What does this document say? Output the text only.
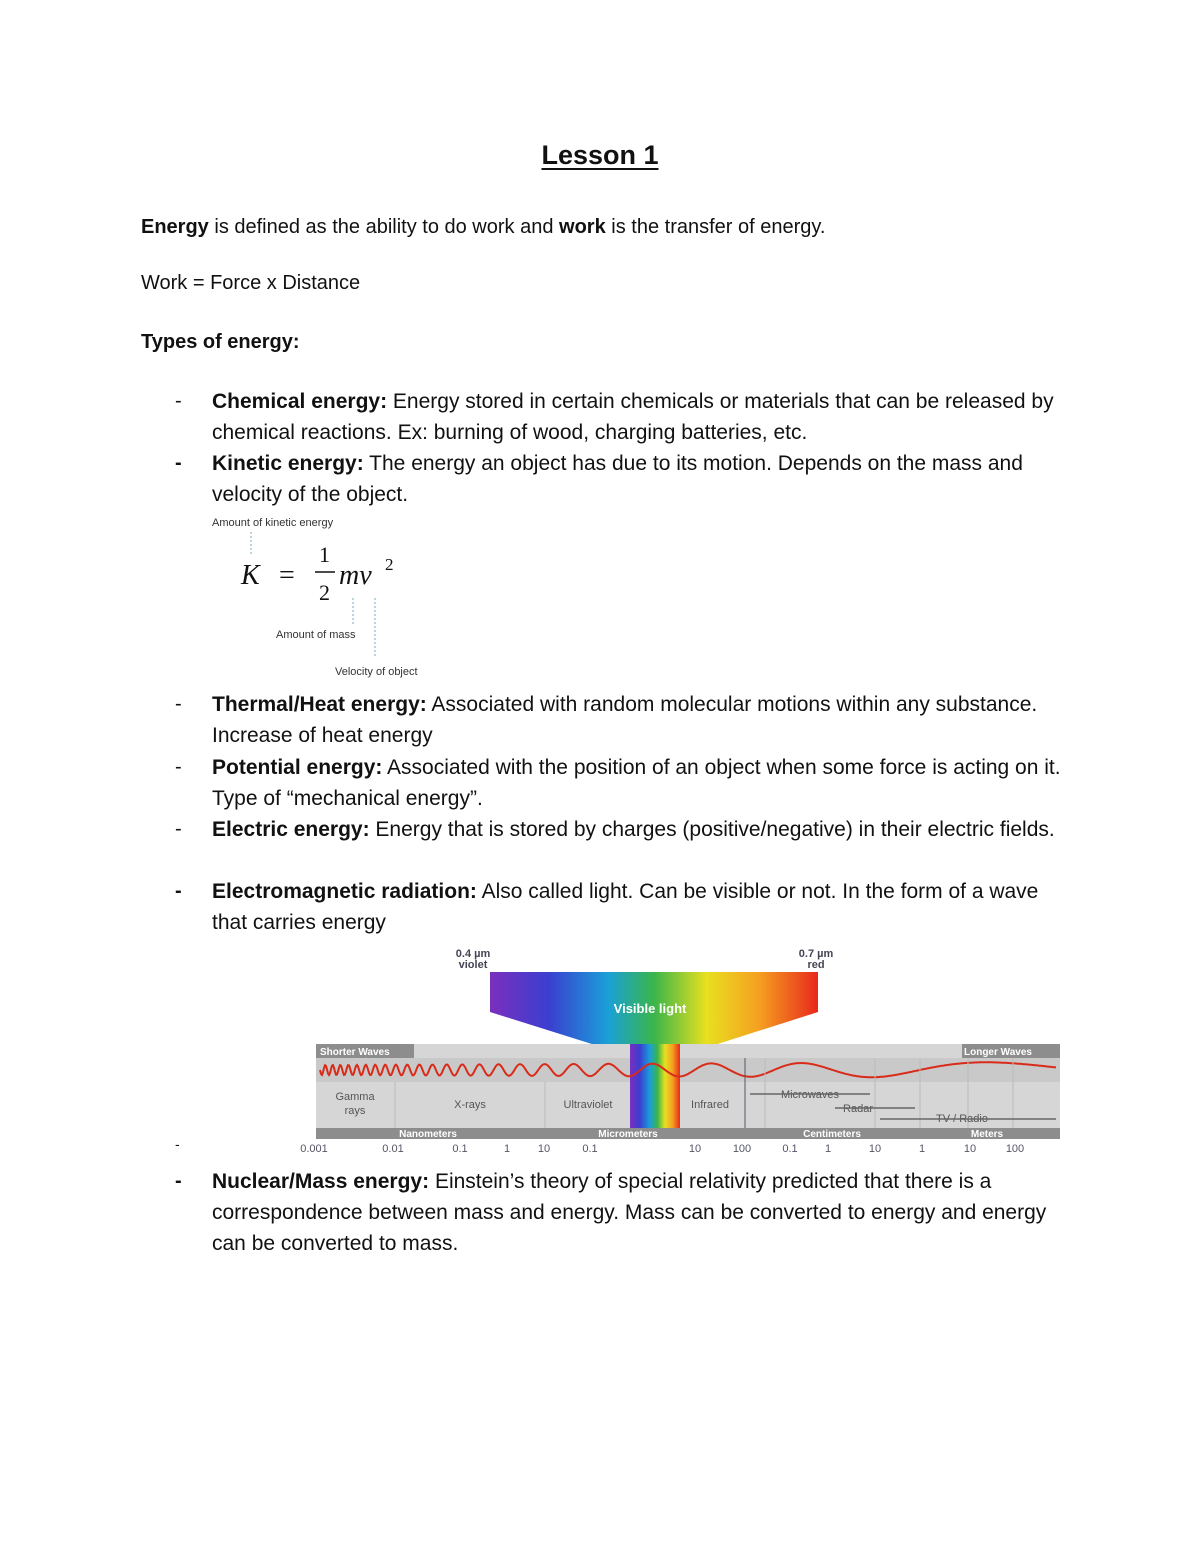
Lesson 1
Energy is defined as the ability to do work and work is the transfer of energy.
Work = Force x Distance
Types of energy:
-	Chemical energy: Energy stored in certain chemicals or materials that can be released by chemical reactions. Ex: burning of wood, charging batteries, etc.
-	Kinetic energy: The energy an object has due to its motion. Depends on the mass and velocity of the object.
Amount of kinetic energy
K =
1
2
mv 2
Amount of mass
Velocity of object
-	Thermal/Heat energy: Associated with random molecular motions within any substance. Increase of heat energy
-	Potential energy: Associated with the position of an object when some force is acting on it. Type of “mechanical energy”.
-	Electric energy: Energy that is stored by charges (positive/negative) in their electric fields.
-	Electromagnetic radiation: Also called light. Can be visible or not. In the form of a wave that carries energy
-
0.4 µm
violet
0.7 µm
red
Visible light
Shorter Waves	Longer Waves
Gamma
rays	X-rays	Ultraviolet	Infrared
Microwaves
Radar
TV / Radio
Nanometers	Micrometers	Centimeters	Meters
0.001	0.01	0.1	1	10	0.1	10	100	0.1 1	10	1	10	100
-	Nuclear/Mass energy: Einstein’s theory of special relativity predicted that there is a correspondence between mass and energy. Mass can be converted to energy and energy can be converted to mass.
